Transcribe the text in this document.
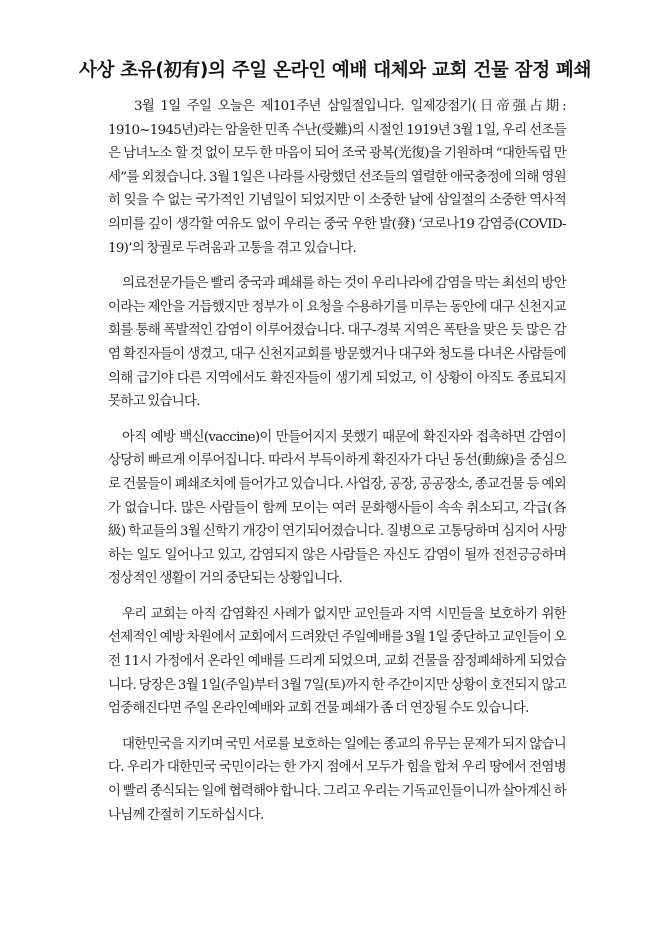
사상 초유(初有)의 주일 온라인 예배 대체와 교회 건물 잠정 폐쇄

3월 1일 주일 오늘은 제101주년 삼일절입니다. 일제강점기(日帝强占期: 1910~1945년)라는 암울한 민족 수난(受難)의 시절인 1919년 3월 1일, 우리 선조들은 남녀노소 할 것 없이 모두 한 마음이 되어 조국 광복(光復)을 기원하며 “대한독립 만세”를 외쳤습니다. 3월 1일은 나라를 사랑했던 선조들의 열렬한 애국충정에 의해 영원히 잊을 수 없는 국가적인 기념일이 되었지만 이 소중한 날에 삼일절의 소중한 역사적 의미를 깊이 생각할 여유도 없이 우리는 중국 우한 발(發) ‘코로나19 감염증(COVID-19)’의 창궐로 두려움과 고통을 겪고 있습니다.

의료전문가들은 빨리 중국과 폐쇄를 하는 것이 우리나라에 감염을 막는 최선의 방안이라는 제안을 거듭했지만 정부가 이 요청을 수용하기를 미루는 동안에 대구 신천지교회를 통해 폭발적인 감염이 이루어졌습니다. 대구-경북 지역은 폭탄을 맞은 듯 많은 감염 확진자들이 생겼고, 대구 신천지교회를 방문했거나 대구와 청도를 다녀온 사람들에 의해 급기야 다른 지역에서도 확진자들이 생기게 되었고, 이 상황이 아직도 종료되지 못하고 있습니다.

아직 예방 백신(vaccine)이 만들어지지 못했기 때문에 확진자와 접촉하면 감염이 상당히 빠르게 이루어집니다. 따라서 부득이하게 확진자가 다닌 동선(動線)을 중심으로 건물들이 폐쇄조치에 들어가고 있습니다. 사업장, 공장, 공공장소, 종교건물 등 예외가 없습니다. 많은 사람들이 함께 모이는 여러 문화행사들이 속속 취소되고, 각급(各級) 학교들의 3월 신학기 개강이 연기되어졌습니다. 질병으로 고통당하며 심지어 사망하는 일도 일어나고 있고, 감염되지 않은 사람들은 자신도 감염이 될까 전전긍긍하며 정상적인 생활이 거의 중단되는 상황입니다.

우리 교회는 아직 감염확진 사례가 없지만 교인들과 지역 시민들을 보호하기 위한 선제적인 예방 차원에서 교회에서 드려왔던 주일예배를 3월 1일 중단하고 교인들이 오전 11시 가정에서 온라인 예배를 드리게 되었으며, 교회 건물을 잠정폐쇄하게 되었습니다. 당장은 3월 1일(주일)부터 3월 7일(토)까지 한 주간이지만 상황이 호전되지 않고 엄중해진다면 주일 온라인예배와 교회 건물 폐쇄가 좀 더 연장될 수도 있습니다.

대한민국을 지키며 국민 서로를 보호하는 일에는 종교의 유무는 문제가 되지 않습니다. 우리가 대한민국 국민이라는 한 가지 점에서 모두가 힘을 합쳐 우리 땅에서 전염병이 빨리 종식되는 일에 협력해야 합니다. 그리고 우리는 기독교인들이니까 살아계신 하나님께 간절히 기도하십시다.
